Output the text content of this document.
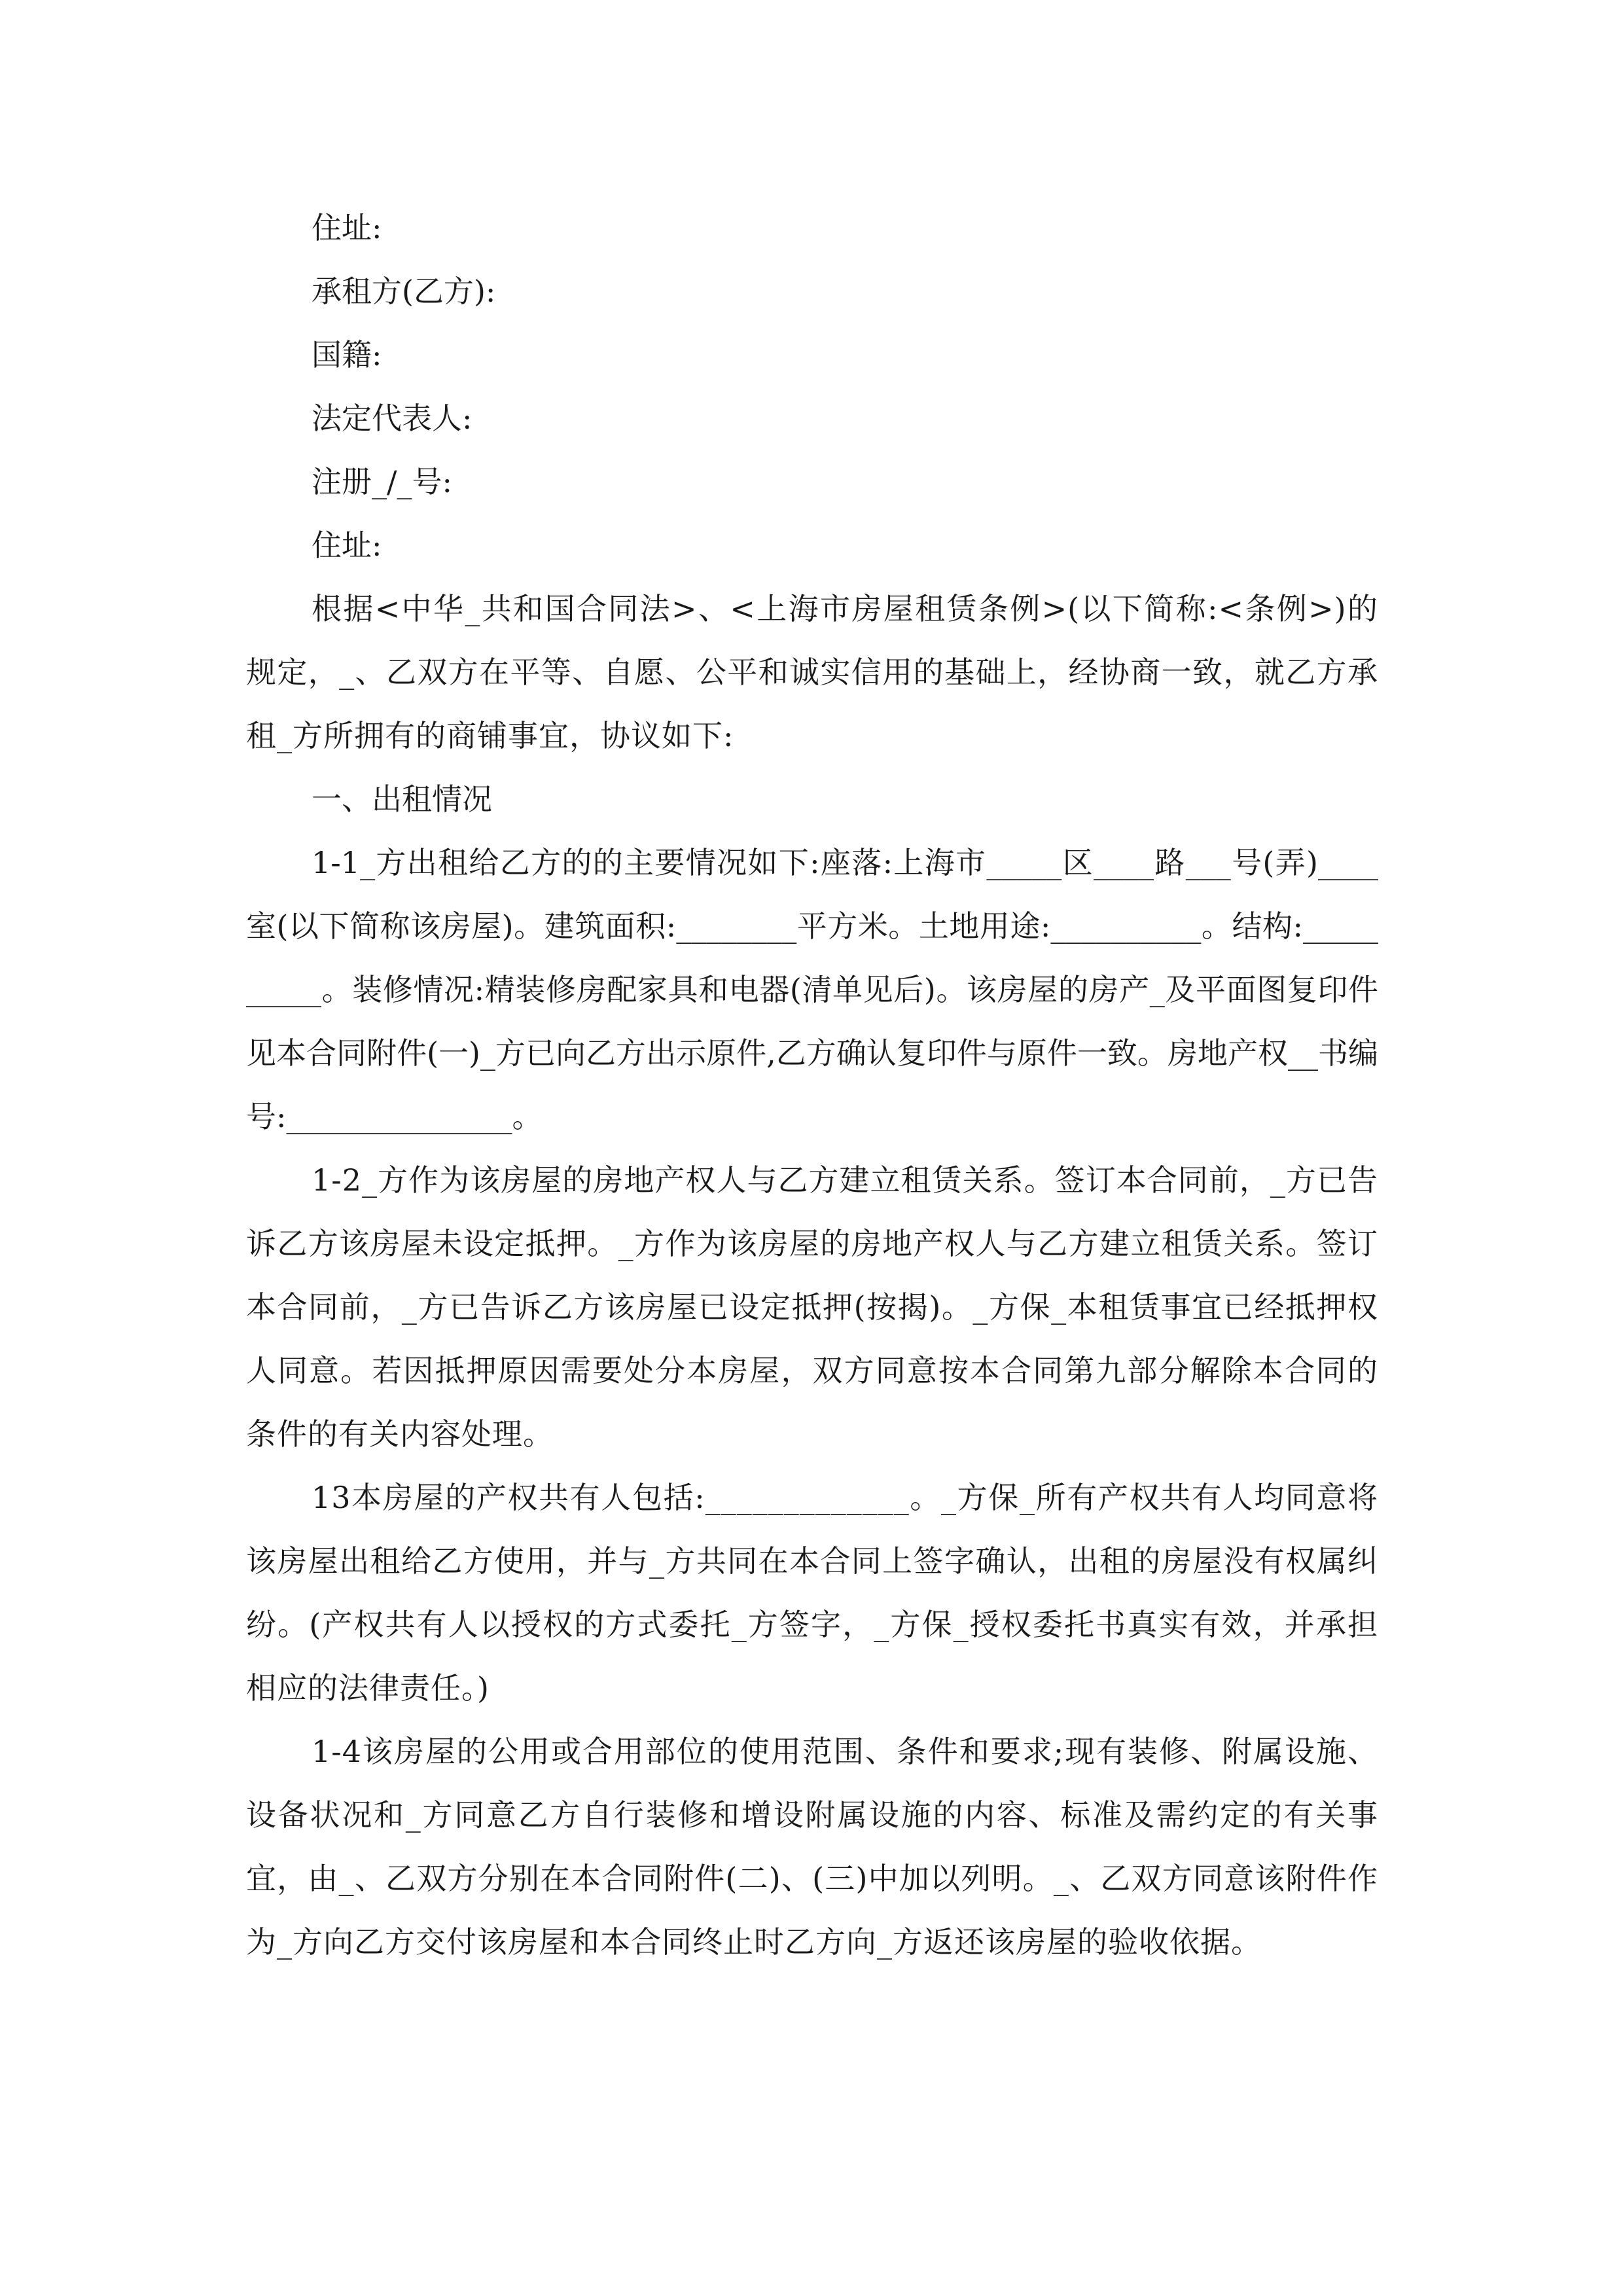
住址:
承租方(乙方):
国籍:
法定代表人:
注册_/_号:
住址:

根据<中华_共和国合同法>、<上海市房屋租赁条例>(以下简称:<条例>)的规定，_、乙双方在平等、自愿、公平和诚实信用的基础上，经协商一致，就乙方承租_方所拥有的商铺事宜，协议如下:

一、出租情况

1-1_方出租给乙方的的主要情况如下:座落:上海市_____区____路___号(弄)____室(以下简称该房屋)。建筑面积:________平方米。土地用途:__________。结构:__________。装修情况:精装修房配家具和电器(清单见后)。该房屋的房产_及平面图复印件见本合同附件(一)_方已向乙方出示原件,乙方确认复印件与原件一致。房地产权__书编号:_______________。

1-2_方作为该房屋的房地产权人与乙方建立租赁关系。签订本合同前，_方已告诉乙方该房屋未设定抵押。_方作为该房屋的房地产权人与乙方建立租赁关系。签订本合同前，_方已告诉乙方该房屋已设定抵押(按揭)。_方保_本租赁事宜已经抵押权人同意。若因抵押原因需要处分本房屋，双方同意按本合同第九部分解除本合同的条件的有关内容处理。

13本房屋的产权共有人包括:_____________。_方保_所有产权共有人均同意将该房屋出租给乙方使用，并与_方共同在本合同上签字确认，出租的房屋没有权属纠纷。(产权共有人以授权的方式委托_方签字，_方保_授权委托书真实有效，并承担相应的法律责任。)

1-4该房屋的公用或合用部位的使用范围、条件和要求;现有装修、附属设施、设备状况和_方同意乙方自行装修和增设附属设施的内容、标准及需约定的有关事宜，由_、乙双方分别在本合同附件(二)、(三)中加以列明。_、乙双方同意该附件作为_方向乙方交付该房屋和本合同终止时乙方向_方返还该房屋的验收依据。
